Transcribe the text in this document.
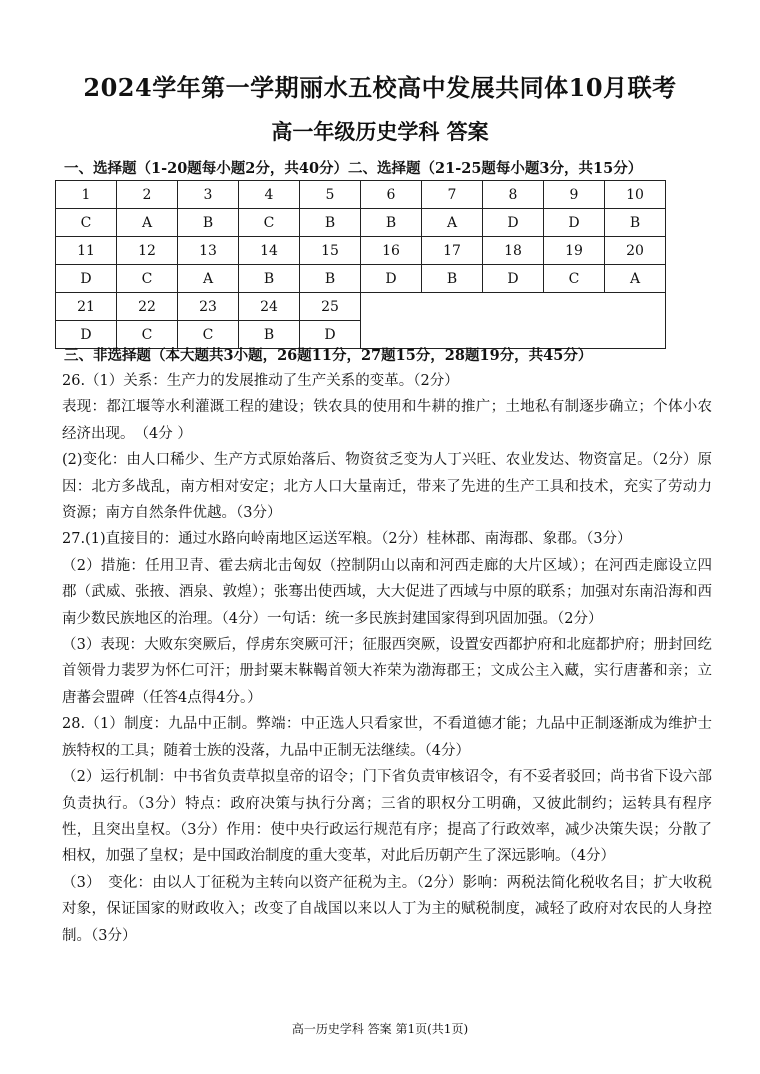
2024学年第一学期丽水五校高中发展共同体10月联考
高一年级历史学科 答案
一、选择题（1-20题每小题2分，共40分）二、选择题（21-25题每小题3分，共15分）
1	2	3	4	5	6	7	8	9	10
C	A	B	C	B	B	A	D	D	B
11	12	13	14	15	16	17	18	19	20
D	C	A	B	B	D	B	D	C	A
21	22	23	24	25					
D	C	C	B	D					
三、非选择题（本大题共3小题，26题11分，27题15分，28题19分，共45分）

26.（1）关系：生产力的发展推动了生产关系的变革。（2分）

表现：都江堰等水利灌溉工程的建设；铁农具的使用和牛耕的推广；土地私有制逐步确立；个体小农经济出现。　（4分 ）

(2)变化：由人口稀少、生产方式原始落后、物资贫乏变为人丁兴旺、农业发达、物资富足。（2分）原因：北方多战乱，南方相对安定；北方人口大量南迁，带来了先进的生产工具和技术，充实了劳动力资源；南方自然条件优越。（3分）

27.(1)直接目的：通过水路向岭南地区运送军粮。（2分）桂林郡、南海郡、象郡。（3分）

（2）措施：任用卫青、霍去病北击匈奴（控制阴山以南和河西走廊的大片区域）；在河西走廊设立四郡（武威、张掖、酒泉、敦煌）；张骞出使西域，大大促进了西域与中原的联系；加强对东南沿海和西南少数民族地区的治理。（4分）一句话：统一多民族封建国家得到巩固加强。（2分）

（3）表现：大败东突厥后，俘虏东突厥可汗；征服西突厥，设置安西都护府和北庭都护府；册封回纥首领骨力裴罗为怀仁可汗；册封粟末靺鞨首领大祚荣为渤海郡王；文成公主入藏，实行唐蕃和亲；立唐蕃会盟碑（任答4点得4分。）

28.（1）制度：九品中正制。弊端：中正选人只看家世，不看道德才能；九品中正制逐渐成为维护士族特权的工具；随着士族的没落，九品中正制无法继续。（4分）

（2）运行机制：中书省负责草拟皇帝的诏令；门下省负责审核诏令，有不妥者驳回；尚书省下设六部负责执行。（3分）特点：政府决策与执行分离；三省的职权分工明确，又彼此制约；运转具有程序性，且突出皇权。（3分）作用：使中央行政运行规范有序；提高了行政效率，减少决策失误；分散了相权，加强了皇权；是中国政治制度的重大变革，对此后历朝产生了深远影响。（4分）

（3）　变化：由以人丁征税为主转向以资产征税为主。（2分）影响：两税法简化税收名目；扩大收税对象，保证国家的财政收入；改变了自战国以来以人丁为主的赋税制度，减轻了政府对农民的人身控制。（3分）

高一历史学科 答案 第1页(共1页)
